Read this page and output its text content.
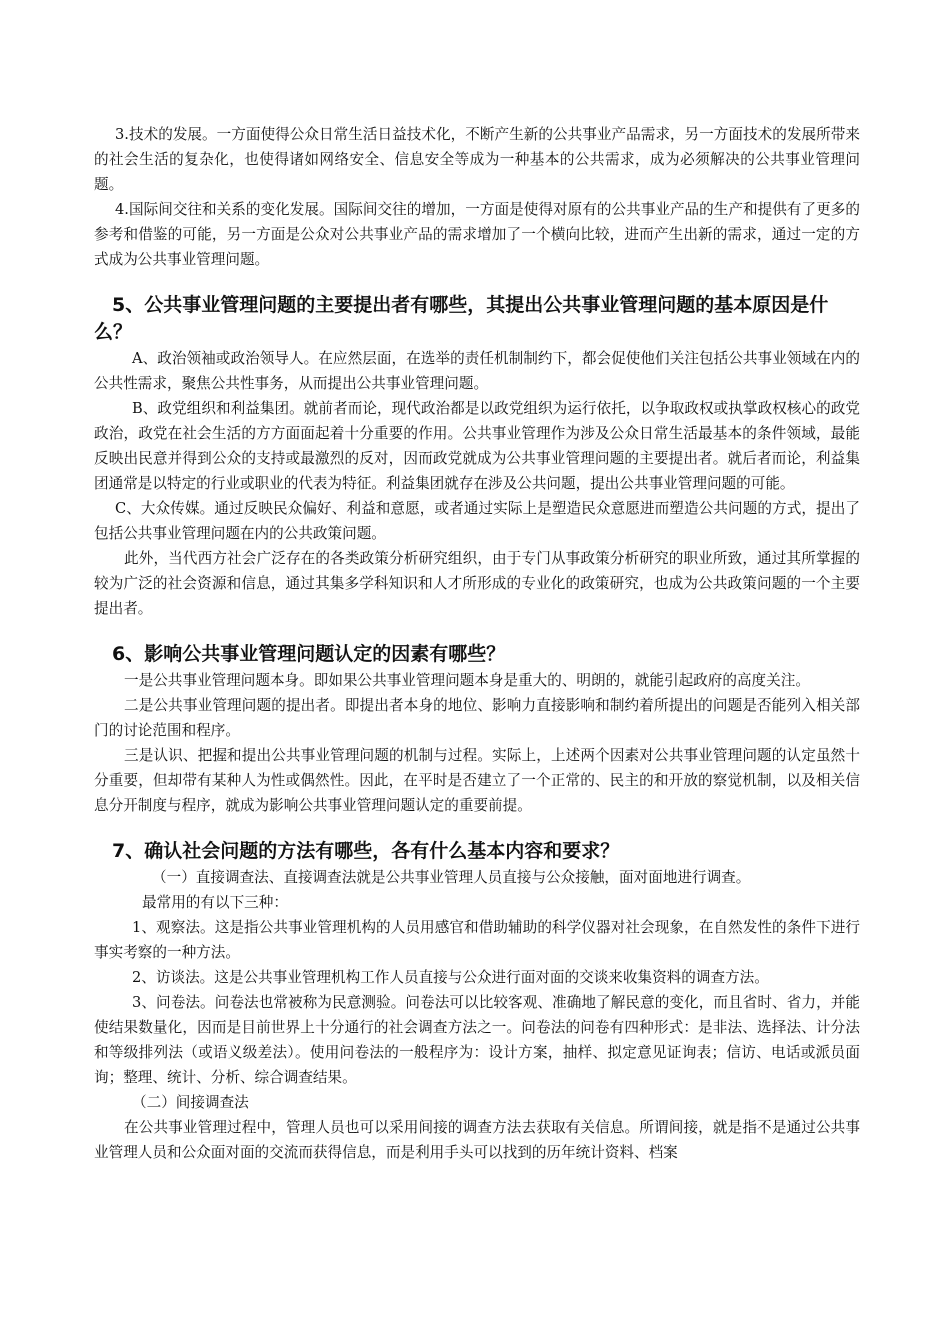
3.技术的发展。一方面使得公众日常生活日益技术化，不断产生新的公共事业产品需求，另一方面技术的发展所带来的社会生活的复杂化，也使得诸如网络安全、信息安全等成为一种基本的公共需求，成为必须解决的公共事业管理问题。

4.国际间交往和关系的变化发展。国际间交往的增加，一方面是使得对原有的公共事业产品的生产和提供有了更多的参考和借鉴的可能，另一方面是公众对公共事业产品的需求增加了一个横向比较，进而产生出新的需求，通过一定的方式成为公共事业管理问题。

5、公共事业管理问题的主要提出者有哪些，其提出公共事业管理问题的基本原因是什么？

A、政治领袖或政治领导人。在应然层面，在选举的责任机制制约下，都会促使他们关注包括公共事业领域在内的公共性需求，聚焦公共性事务，从而提出公共事业管理问题。

B、政党组织和利益集团。就前者而论，现代政治都是以政党组织为运行依托，以争取政权或执掌政权核心的政党政治，政党在社会生活的方方面面起着十分重要的作用。公共事业管理作为涉及公众日常生活最基本的条件领域，最能反映出民意并得到公众的支持或最激烈的反对，因而政党就成为公共事业管理问题的主要提出者。就后者而论，利益集团通常是以特定的行业或职业的代表为特征。利益集团就存在涉及公共问题，提出公共事业管理问题的可能。

C、大众传媒。通过反映民众偏好、利益和意愿，或者通过实际上是塑造民众意愿进而塑造公共问题的方式，提出了包括公共事业管理问题在内的公共政策问题。

此外，当代西方社会广泛存在的各类政策分析研究组织，由于专门从事政策分析研究的职业所致，通过其所掌握的较为广泛的社会资源和信息，通过其集多学科知识和人才所形成的专业化的政策研究，也成为公共政策问题的一个主要提出者。

6、影响公共事业管理问题认定的因素有哪些？

一是公共事业管理问题本身。即如果公共事业管理问题本身是重大的、明朗的，就能引起政府的高度关注。

二是公共事业管理问题的提出者。即提出者本身的地位、影响力直接影响和制约着所提出的问题是否能列入相关部门的讨论范围和程序。

三是认识、把握和提出公共事业管理问题的机制与过程。实际上，上述两个因素对公共事业管理问题的认定虽然十分重要，但却带有某种人为性或偶然性。因此，在平时是否建立了一个正常的、民主的和开放的察觉机制，以及相关信息分开制度与程序，就成为影响公共事业管理问题认定的重要前提。

7、确认社会问题的方法有哪些，各有什么基本内容和要求？

（一）直接调查法、直接调查法就是公共事业管理人员直接与公众接触，面对面地进行调查。

最常用的有以下三种：

1、观察法。这是指公共事业管理机构的人员用感官和借助辅助的科学仪器对社会现象，在自然发性的条件下进行事实考察的一种方法。

2、访谈法。这是公共事业管理机构工作人员直接与公众进行面对面的交谈来收集资料的调查方法。

3、问卷法。问卷法也常被称为民意测验。问卷法可以比较客观、准确地了解民意的变化，而且省时、省力，并能使结果数量化，因而是目前世界上十分通行的社会调查方法之一。问卷法的问卷有四种形式：是非法、选择法、计分法和等级排列法（或语义级差法）。使用问卷法的一般程序为：设计方案，抽样、拟定意见证询表；信访、电话或派员面询；整理、统计、分析、综合调查结果。

（二）间接调查法

在公共事业管理过程中，管理人员也可以采用间接的调查方法去获取有关信息。所谓间接，就是指不是通过公共事业管理人员和公众面对面的交流而获得信息，而是利用手头可以找到的历年统计资料、档案
